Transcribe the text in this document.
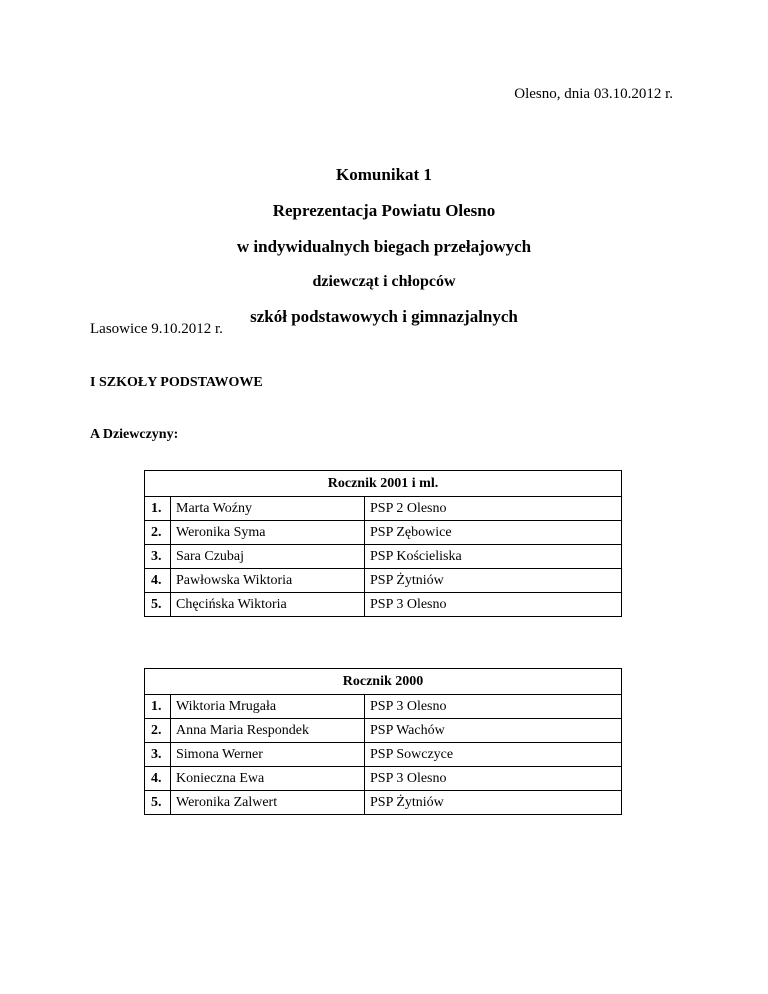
Olesno, dnia 03.10.2012 r.

Komunikat 1

Reprezentacja Powiatu Olesno

w indywidualnych biegach przełajowych

dziewcząt i chłopców

szkół podstawowych i gimnazjalnych

Lasowice 9.10.2012 r.
I SZKOŁY PODSTAWOWE
A Dziewczyny:
Rocznik 2001 i ml.		
1.	Marta Woźny	PSP 2 Olesno
2.	Weronika Syma	PSP Zębowice
3.	Sara Czubaj	PSP Kościeliska
4.	Pawłowska Wiktoria	PSP Żytniów
5.	Chęcińska Wiktoria	PSP 3 Olesno
Rocznik 2000		
1.	Wiktoria Mrugała	PSP 3 Olesno
2.	Anna Maria Respondek	PSP Wachów
3.	Simona Werner	PSP Sowczyce
4.	Konieczna Ewa	PSP 3 Olesno
5.	Weronika Zalwert	PSP Żytniów
